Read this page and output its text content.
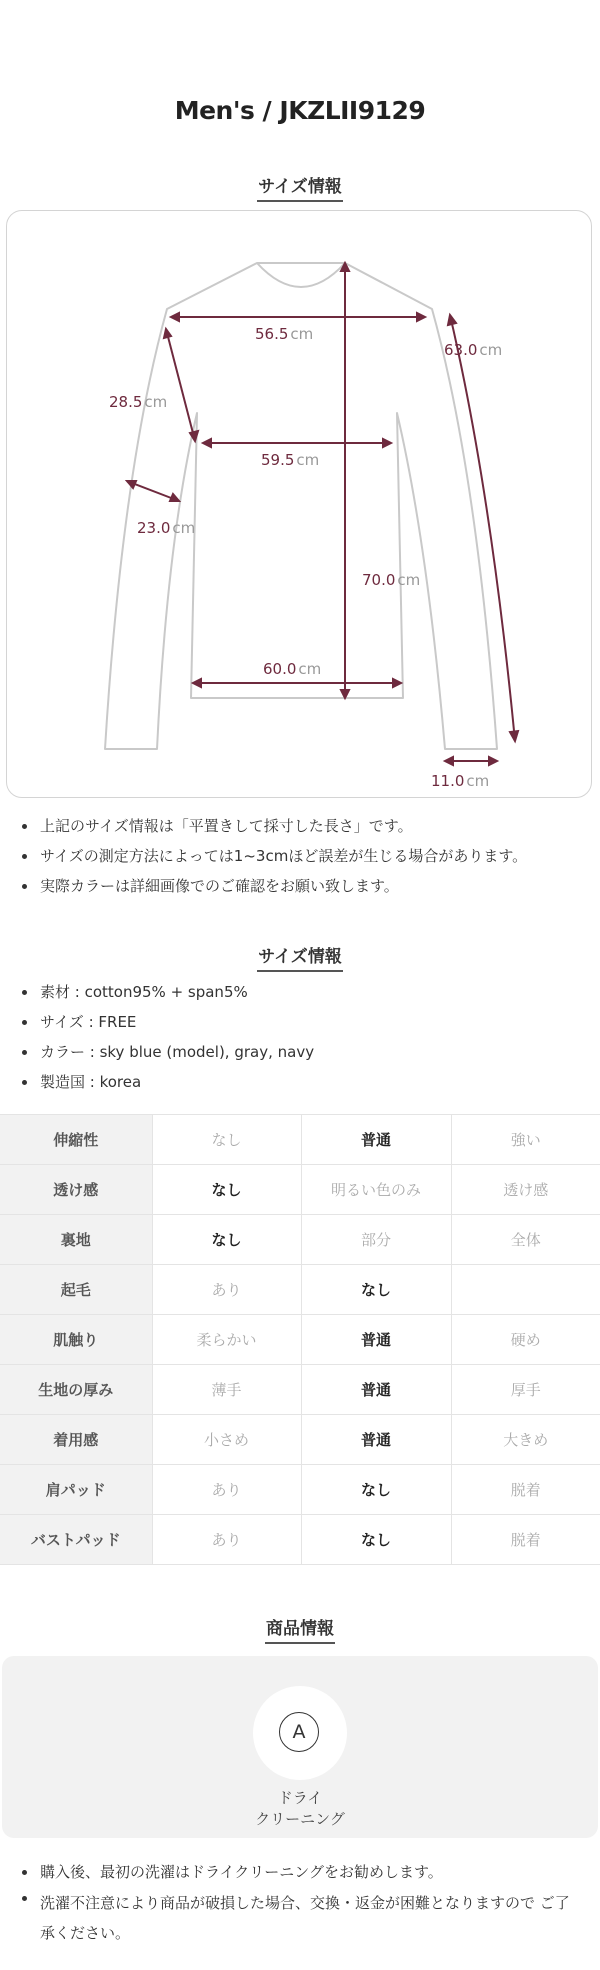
Men's / JKZLII9129
サイズ情報
56.5 cm
63.0 cm
28.5 cm
59.5 cm
23.0 cm
70.0 cm
60.0 cm
11.0 cm
上記のサイズ情報は「平置きして採寸した長さ」です。
サイズの測定方法によっては1~3cmほど誤差が生じる場合があります。
実際カラーは詳細画像でのご確認をお願い致します。
サイズ情報
素材 : cotton95% + span5%
サイズ : FREE
カラー : sky blue (model), gray, navy
製造国 : korea
伸縮性	なし	普通	強い
透け感	なし	明るい色のみ	透け感
裏地	なし	部分	全体
起毛	あり	なし	
肌触り	柔らかい	普通	硬め
生地の厚み	薄手	普通	厚手
着用感	小さめ	普通	大きめ
肩パッド	あり	なし	脱着
バストパッド	あり	なし	脱着
商品情報
A
ドライ
クリーニング
購入後、最初の洗濯はドライクリーニングをお勧めします。
洗濯不注意により商品が破損した場合、交換・返金が困難となりますので ご了承ください。
